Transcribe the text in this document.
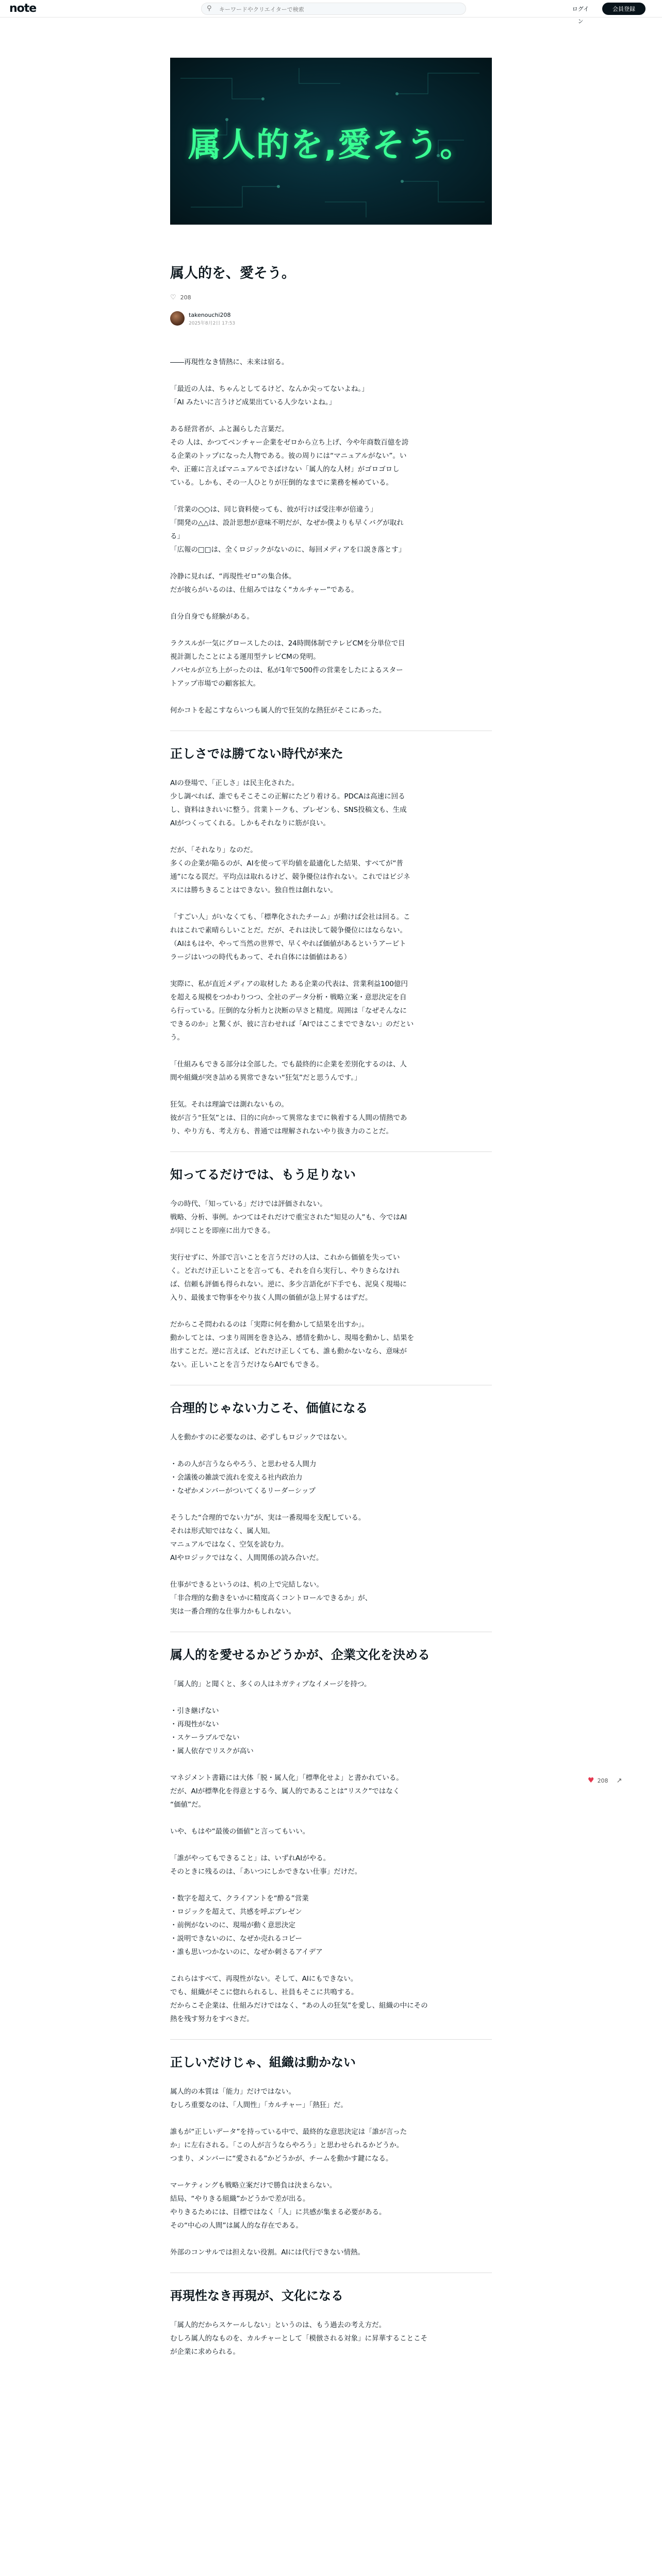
note	⚲
キーワードやクリエイターで検索	ログイン
会員登録
属人的を,愛そう。
属人的を、愛そう。
♡ 208
takenouchi208
2025年8月2日 17:53

――再現性なき情熱に、未来は宿る。

「最近の人は、ちゃんとしてるけど、なんか尖ってないよね。」

「AI みたいに言うけど成果出ている人少ないよね。」

ある経営者が、ふと漏らした言葉だ。

その 人は、かつてベンチャー企業をゼロから立ち上げ、今や年商数百億を誇

る企業のトップになった人物である。彼の周りには“マニュアルがない”。い

や、正確に言えばマニュアルでさばけない「属人的な人材」がゴロゴロし

ている。しかも、その一人ひとりが圧倒的なまでに業務を極めている。

「営業の○○は、同じ資料使っても、彼が行けば受注率が倍違う」

「開発の△△は、設計思想が意味不明だが、なぜか僕よりも早くバグが取れ

る」

「広報の□□は、全くロジックがないのに、毎回メディアを口説き落とす」

冷静に見れば、“再現性ゼロ”の集合体。

だが彼らがいるのは、仕組みではなく“カルチャー”である。

自分自身でも経験がある。

ラクスルが一気にグロースしたのは、24時間体制でテレビCMを分単位で目

視計測したことによる運用型テレビCMの発明。

ノバセルが立ち上がったのは、私が1年で500件の営業をしたによるスター

トアップ市場での顧客拡大。

何かコトを起こすならいつも属人的で狂気的な熱狂がそこにあった。

正しさでは勝てない時代が来た

AIの登場で、「正しさ」は民主化された。

少し調べれば、誰でもそこそこの正解にたどり着ける。PDCAは高速に回る

し、資料はきれいに整う。営業トークも、プレゼンも、SNS投稿文も、生成

AIがつくってくれる。しかもそれなりに筋が良い。

だが、「それなり」なのだ。

多くの企業が陥るのが、AIを使って平均値を最適化した結果、すべてが“普

通”になる罠だ。平均点は取れるけど、競争優位は作れない。これではビジネ

スには勝ちきることはできない。独自性は創れない。

「すごい人」がいなくても、「標準化されたチーム」が動けば会社は回る。こ

れはこれで素晴らしいことだ。だが、それは決して競争優位にはならない。

（AIはもはや、やって当然の世界で、早くやれば価値があるというアーピト

ラージはいつの時代もあって、それ自体には価値はある）

実際に、私が直近メディアの取材した ある企業の代表は、営業利益100億円

を超える規模をつかわりつつ、全社のデータ分析・戦略立案・意思決定を自

ら行っている。圧倒的な分析力と決断の早さと精度。周囲は「なぜそんなに

できるのか」と驚くが、彼に言わせれば「AIではここまでできない」のだとい

う。

「仕組みもできる部分は全部した。でも最終的に企業を差別化するのは、人

間や組織が突き詰める異常できない“狂気”だと思うんです。」

狂気。それは理論では測れないもの。

彼が言う“狂気”とは、目的に向かって異常なまでに執着する人間の情熱であ

り、やり方も、考え方も、普通では理解されないやり抜き力のことだ。

知ってるだけでは、もう足りない

今の時代、「知っている」だけでは評価されない。

戦略、分析、事例。かつてはそれだけで重宝された“知見の人”も、今ではAI

が同じことを即座に出力できる。

実行せずに、外部で言いことを言うだけの人は、これから価値を失ってい

く。どれだけ正しいことを言っても、それを自ら実行し、やりきらなけれ

ば、信頼も評価も得られない。逆に、多少言語化が下手でも、泥臭く現場に

入り、最後まで物事をやり抜く人間の価値が急上昇するはずだ。

だからこそ問われるのは「実際に何を動かして結果を出すか」。

動かしてとは、つまり周囲を巻き込み、感情を動かし、現場を動かし、結果を

出すことだ。逆に言えば、どれだけ正しくても、誰も動かないなら、意味が

ない。正しいことを言うだけならAIでもできる。

合理的じゃない力こそ、価値になる

人を動かすのに必要なのは、必ずしもロジックではない。

・あの人が言うならやろう、と思わせる人間力

・会議後の雑談で流れを変える社内政治力

・なぜかメンバーがついてくるリーダーシップ

そうした“合理的でない力”が、実は一番現場を支配している。

それは形式知ではなく、属人知。

マニュアルではなく、空気を読む力。

AIやロジックではなく、人間関係の読み合いだ。

仕事ができるというのは、机の上で完結しない。

「非合理的な動きをいかに精度高くコントロールできるか」が、

実は一番合理的な仕事力かもしれない。

属人的を愛せるかどうかが、企業文化を決める

「属人的」と聞くと、多くの人はネガティブなイメージを持つ。

・引き継げない

・再現性がない

・スケーラブルでない

・属人依存でリスクが高い

マネジメント書籍には大体「脱・属人化」「標準化せよ」と書かれている。

だが、AIが標準化を得意とする今、属人的であることは“リスク”ではなく

“価値”だ。

いや、もはや“最後の価値”と言ってもいい。

「誰がやってもできること」は、いずれAIがやる。

そのときに残るのは、「あいつにしかできない仕事」だけだ。

・数字を超えて、クライアントを“酔る”営業

・ロジックを超えて、共感を呼ぶプレゼン

・前例がないのに、現場が動く意思決定

・説明できないのに、なぜか売れるコピー

・誰も思いつかないのに、なぜか刺さるアイデア

これらはすべて、再現性がない。そして、AIにもできない。

でも、組織がそこに惚れられるし、社員もそこに共鳴する。

だからこそ企業は、仕組みだけではなく、“あの人の狂気”を愛し、組織の中にその

熱を残す努力をすべきだ。

正しいだけじゃ、組織は動かない

属人的の本質は「能力」だけではない。

むしろ重要なのは、「人間性」「カルチャー」「熱狂」だ。

誰もが“正しいデータ”を持っている中で、最終的な意思決定は「誰が言った

か」に左右される。「この人が言うならやろう」と思わせられるかどうか。

つまり、メンバーに“愛される”かどうかが、チームを動かす鍵になる。

マーケティングも戦略立案だけで勝負は決まらない。

結局、“やりきる組織”かどうかで差が出る。

やりきるためには、目標ではなく「人」に共感が集まる必要がある。

その“中心の人間”は属人的な存在である。

外部のコンサルでは担えない役割。AIには代行できない情熱。

再現性なき再現が、文化になる

「属人的だからスケールしない」というのは、もう過去の考え方だ。

むしろ属人的なものを、カルチャーとして「模倣される対象」に昇華することこそ

が企業に求められる。

♥ 208 ↗
